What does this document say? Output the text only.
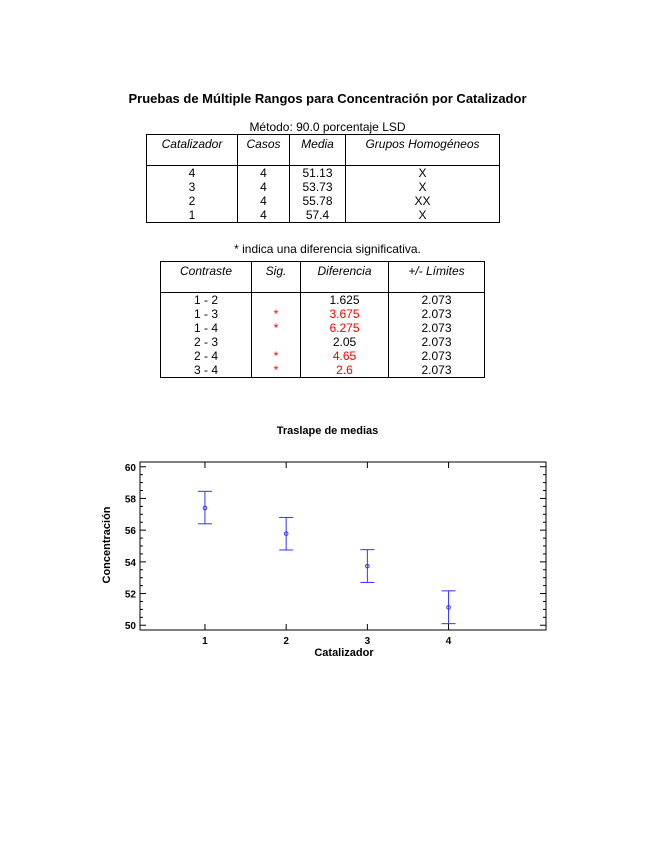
Pruebas de Múltiple Rangos para Concentración por Catalizador
Método: 90.0 porcentaje LSD
Catalizador	Casos	Media	Grupos Homogéneos
4	4	51.13	X
3	4	53.73	X
2	4	55.78	XX
1	4	57.4	X
* indica una diferencia significativa.
Contraste	Sig.	Diferencia	+/- Límites
1 - 2		1.625	2.073
1 - 3	*	3.675	2.073
1 - 4	*	6.275	2.073
2 - 3		2.05	2.073
2 - 4	*	4.65	2.073
3 - 4	*	2.6	2.073
Traslape de medias
50
52
54
56
58
60
1	2	3	4
Catalizador
Concentración
